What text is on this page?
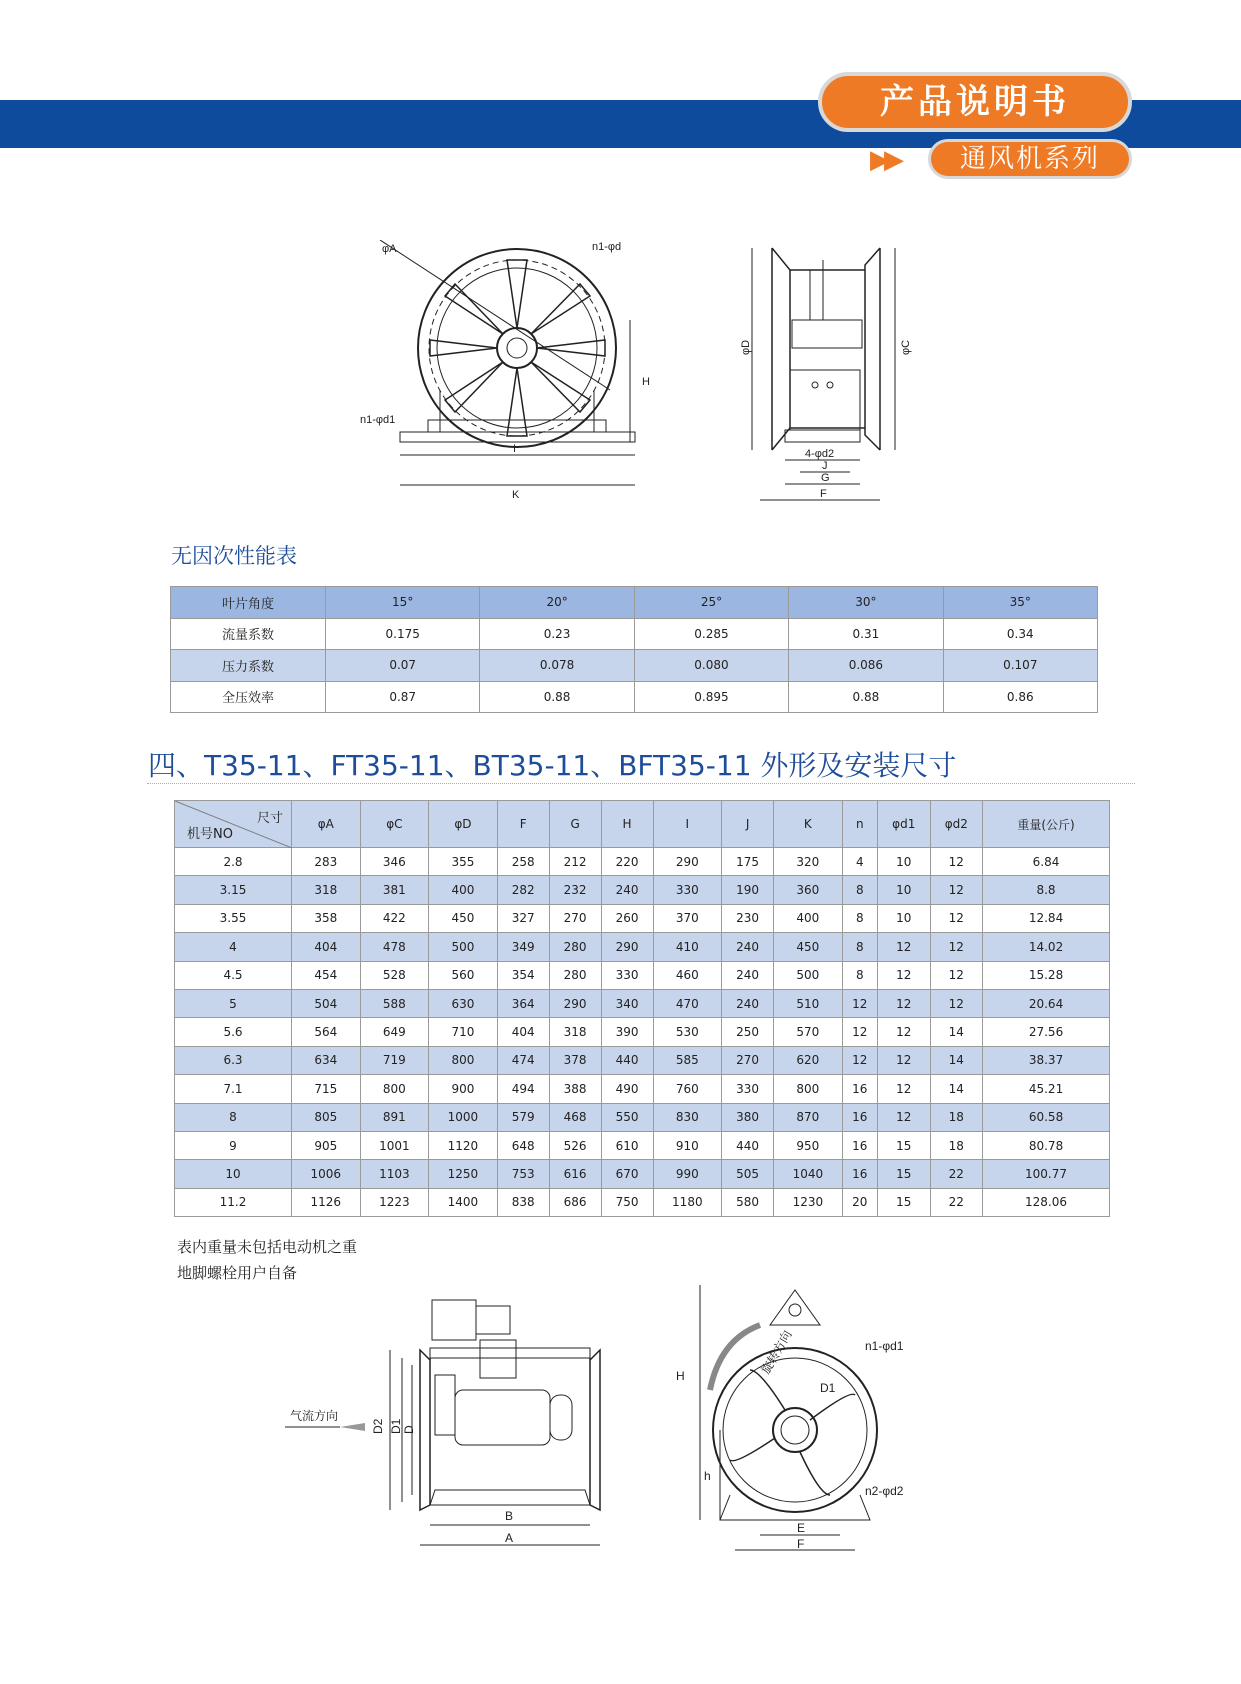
产品说明书
▶▶	通风机系列
φA	n1-φd
n1-φd1
H
I
K
φD	φC
4-φd2
J
G
F
无因次性能表
叶片角度	15°	20°	25°	30°	35°
流量系数	0.175	0.23	0.285	0.31	0.34
压力系数	0.07	0.078	0.080	0.086	0.107
全压效率	0.87	0.88	0.895	0.88	0.86
四、T35-11、FT35-11、BT35-11、BFT35-11 外形及安装尺寸
尺寸
机号NO	φA	φC	φD	F	G	H	I	J	K	n	φd1	φd2	重量(公斤)
2.8	283	346	355	258	212	220	290	175	320	4	10	12	6.84
3.15	318	381	400	282	232	240	330	190	360	8	10	12	8.8
3.55	358	422	450	327	270	260	370	230	400	8	10	12	12.84
4	404	478	500	349	280	290	410	240	450	8	12	12	14.02
4.5	454	528	560	354	280	330	460	240	500	8	12	12	15.28
5	504	588	630	364	290	340	470	240	510	12	12	12	20.64
5.6	564	649	710	404	318	390	530	250	570	12	12	14	27.56
6.3	634	719	800	474	378	440	585	270	620	12	12	14	38.37
7.1	715	800	900	494	388	490	760	330	800	16	12	14	45.21
8	805	891	1000	579	468	550	830	380	870	16	12	18	60.58
9	905	1001	1120	648	526	610	910	440	950	16	15	18	80.78
10	1006	1103	1250	753	616	670	990	505	1040	16	15	22	100.77
11.2	1126	1223	1400	838	686	750	1180	580	1230	20	15	22	128.06
表内重量未包括电动机之重
地脚螺栓用户自备
气流方向
D2 D1 D
B
A
H
h
旋转方向
D1
n1-φd1
n2-φd2
E
F
